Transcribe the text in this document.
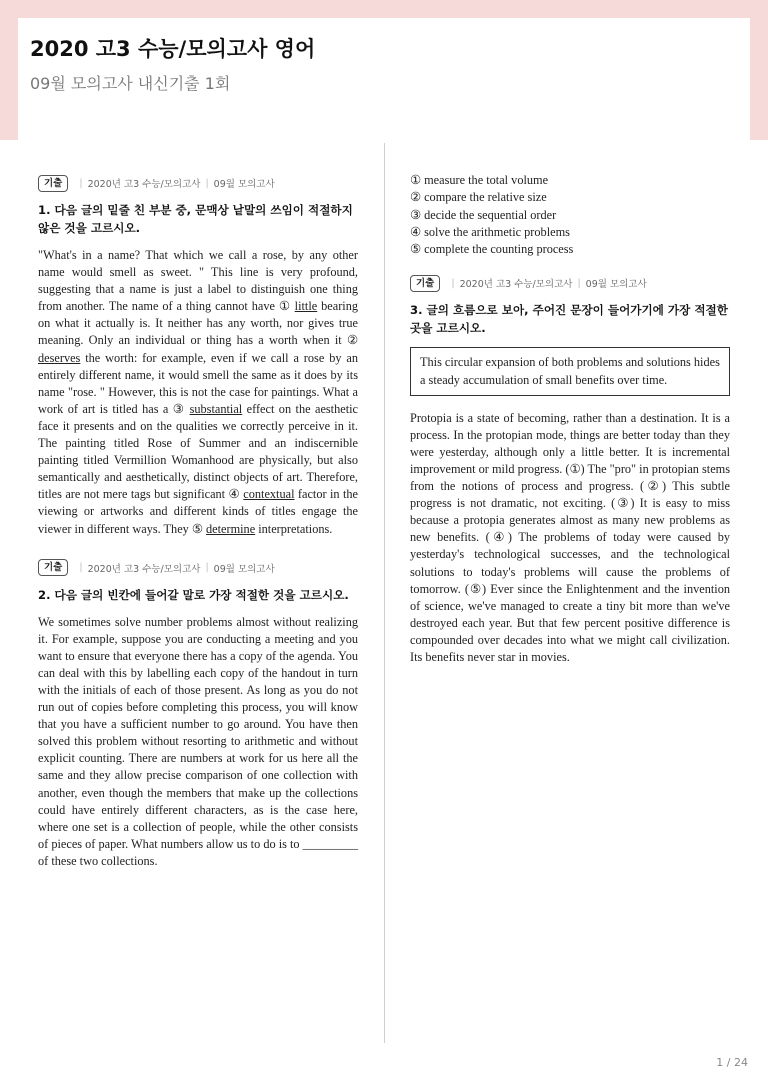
2020 고3 수능/모의고사 영어
09월 모의고사 내신기출 1회
기출	| 2020년 고3 수능/모의고사 | 09월 모의고사
1. 다음 글의 밑줄 친 부분 중, 문맥상 낱말의 쓰임이 적절하지 않은 것을 고르시오.

"What's in a name? That which we call a rose, by any other name would smell as sweet. " This line is very profound, suggesting that a name is just a label to distinguish one thing from another. The name of a thing cannot have ① little bearing on what it actually is. It neither has any worth, nor gives true meaning. Only an individual or thing has a worth when it ② deserves the worth: for example, even if we call a rose by an entirely different name, it would smell the same as it does by its name "rose. " However, this is not the case for paintings. What a work of art is titled has a ③ substantial effect on the aesthetic face it presents and on the qualities we correctly perceive in it. The painting titled Rose of Summer and an indiscernible painting titled Vermillion Womanhood are physically, but also semantically and aesthetically, distinct objects of art. Therefore, titles are not mere tags but significant ④ contextual factor in the viewing or artworks and different kinds of titles engage the viewer in different ways. They ⑤ determine interpretations.

기출	| 2020년 고3 수능/모의고사 | 09월 모의고사
2. 다음 글의 빈칸에 들어갈 말로 가장 적절한 것을 고르시오.

We sometimes solve number problems almost without realizing it. For example, suppose you are conducting a meeting and you want to ensure that everyone there has a copy of the agenda. You can deal with this by labelling each copy of the handout in turn with the initials of each of those present. As long as you do not run out of copies before completing this process, you will know that you have a sufficient number to go around. You have then solved this problem without resorting to arithmetic and without explicit counting. There are numbers at work for us here all the same and they allow precise comparison of one collection with another, even though the members that make up the collections could have entirely different characters, as is the case here, where one set is a collection of people, while the other consists of pieces of paper. What numbers allow us to do is to _________ of these two collections.

① measure the total volume
② compare the relative size
③ decide the sequential order
④ solve the arithmetic problems
⑤ complete the counting process
기출	| 2020년 고3 수능/모의고사 | 09월 모의고사
3. 글의 흐름으로 보아, 주어진 문장이 들어가기에 가장 적절한 곳을 고르시오.
This circular expansion of both problems and solutions hides a steady accumulation of small benefits over time.

Protopia is a state of becoming, rather than a destination. It is a process. In the protopian mode, things are better today than they were yesterday, although only a little better. It is incremental improvement or mild progress. (①) The "pro" in protopian stems from the notions of process and progress. (②) This subtle progress is not dramatic, not exciting. (③) It is easy to miss because a protopia generates almost as many new problems as new benefits. (④) The problems of today were caused by yesterday's technological successes, and the technological solutions to today's problems will cause the problems of tomorrow. (⑤) Ever since the Enlightenment and the invention of science, we've managed to create a tiny bit more than we've destroyed each year. But that few percent positive difference is compounded over decades into what we might call civilization. Its benefits never star in movies.

1 / 24
